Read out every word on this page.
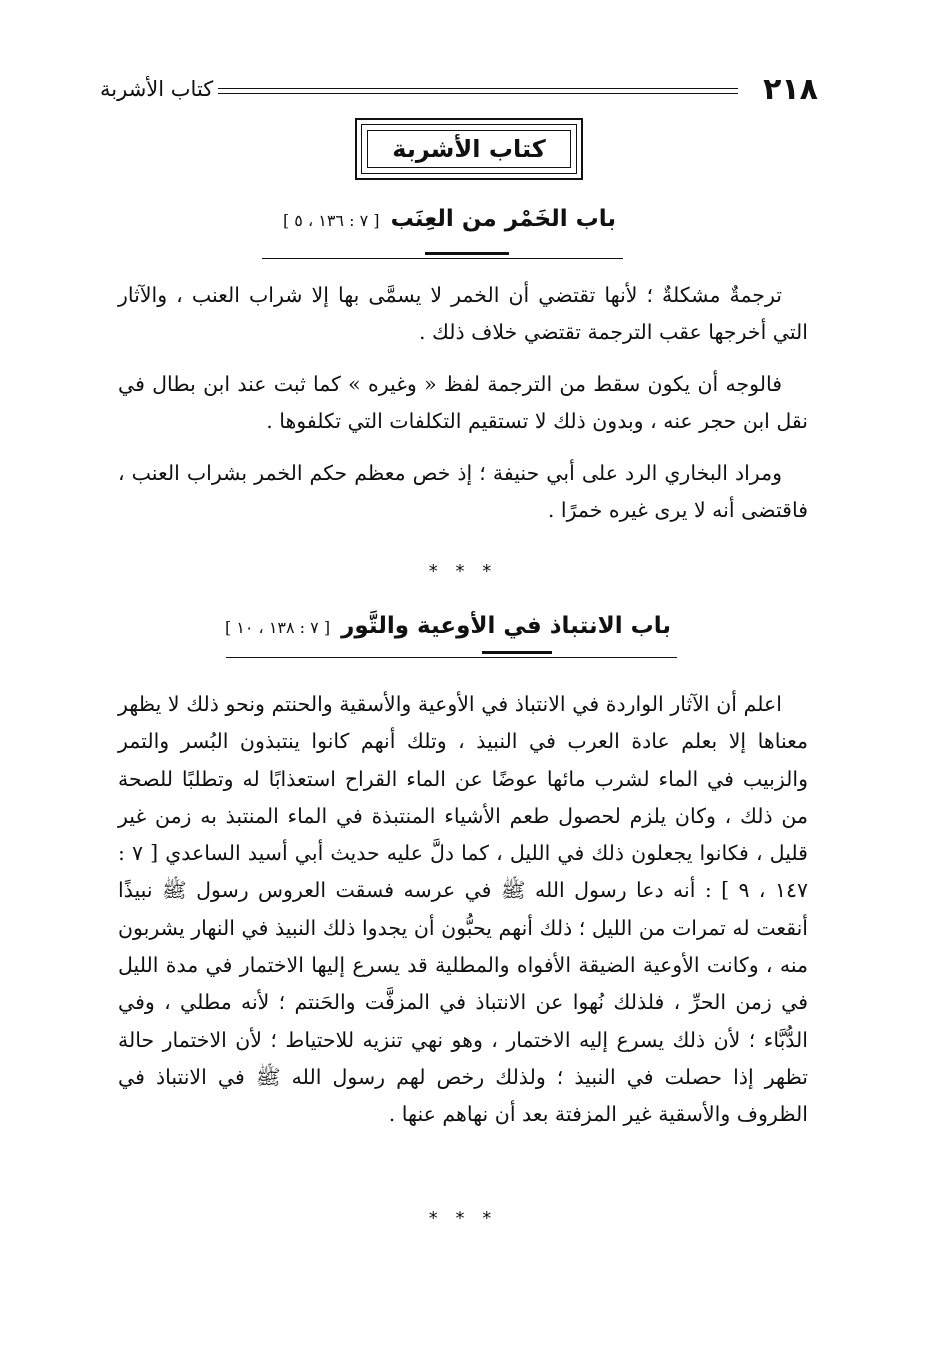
٢١٨
كتاب الأشربة
كتاب الأشربة
باب الخَمْر من العِنَب [ ٧ : ١٣٦ ، ٥ ]
ترجمةٌ مشكلةٌ ؛ لأنها تقتضي أن الخمر لا يسمَّى بها إلا شراب العنب ، والآثار التي أخرجها عقب الترجمة تقتضي خلاف ذلك .
فالوجه أن يكون سقط من الترجمة لفظ « وغيره » كما ثبت عند ابن بطال في نقل ابن حجر عنه ، وبدون ذلك لا تستقيم التكلفات التي تكلفوها .
ومراد البخاري الرد على أبي حنيفة ؛ إذ خص معظم حكم الخمر بشراب العنب ، فاقتضى أنه لا يرى غيره خمرًا .
* * *
باب الانتباذ في الأوعية والتَّور [ ٧ : ١٣٨ ، ١٠ ]
اعلم أن الآثار الواردة في الانتباذ في الأوعية والأسقية والحنتم ونحو ذلك لا يظهر معناها إلا بعلم عادة العرب في النبيذ ، وتلك أنهم كانوا ينتبذون البُسر والتمر والزبيب في الماء لشرب مائها عوضًا عن الماء القراح استعذابًا له وتطلبًا للصحة من ذلك ، وكان يلزم لحصول طعم الأشياء المنتبذة في الماء المنتبذ به زمن غير قليل ، فكانوا يجعلون ذلك في الليل ، كما دلَّ عليه حديث أبي أسيد الساعدي [ ٧ : ١٤٧ ، ٩ ] : أنه دعا رسول الله ﷺ في عرسه فسقت العروس رسول ﷺ نبيذًا أنقعت له تمرات من الليل ؛ ذلك أنهم يحبُّون أن يجدوا ذلك النبيذ في النهار يشربون منه ، وكانت الأوعية الضيقة الأفواه والمطلية قد يسرع إليها الاختمار في مدة الليل في زمن الحرِّ ، فلذلك نُهوا عن الانتباذ في المزفَّت والحَنتم ؛ لأنه مطلي ، وفي الدُّبَّاء ؛ لأن ذلك يسرع إليه الاختمار ، وهو نهي تنزيه للاحتياط ؛ لأن الاختمار حالة تظهر إذا حصلت في النبيذ ؛ ولذلك رخص لهم رسول الله ﷺ في الانتباذ في الظروف والأسقية غير المزفتة بعد أن نهاهم عنها .
* * *
